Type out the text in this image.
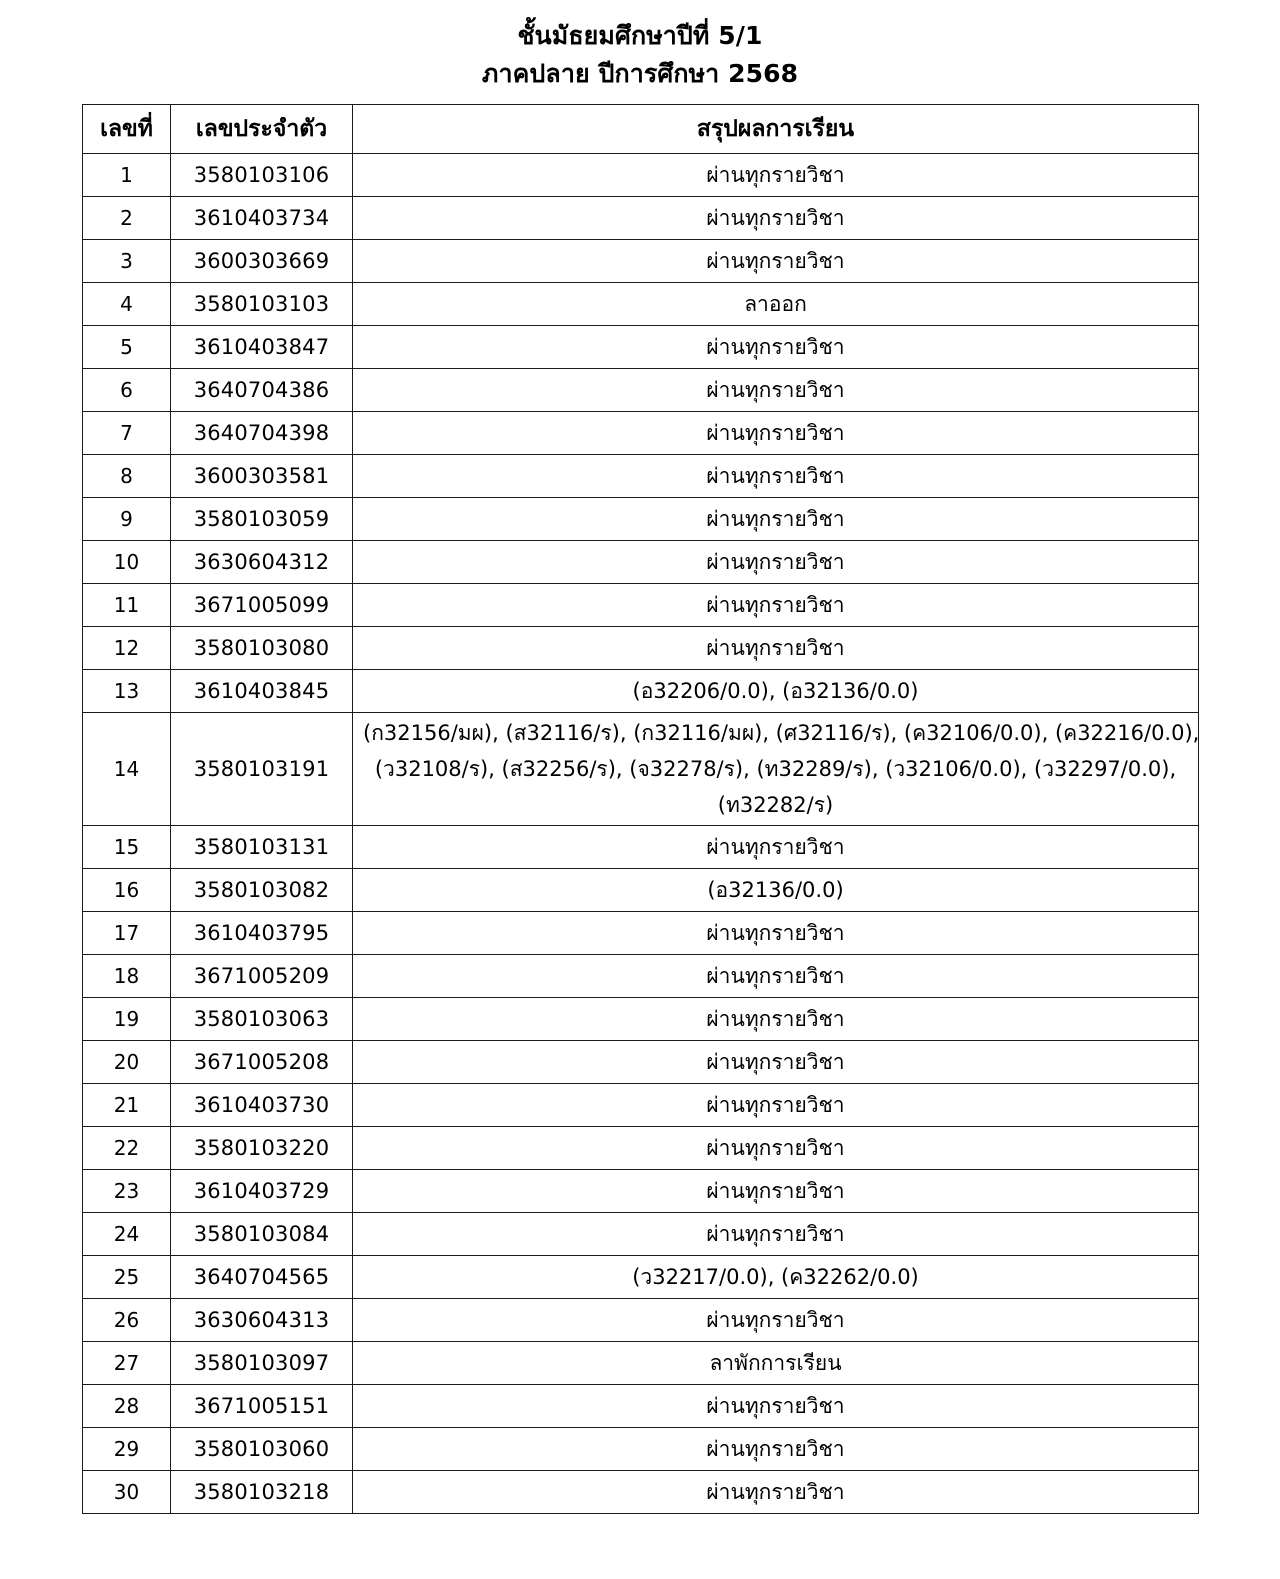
ชั้นมัธยมศึกษาปีที่ 5/1
ภาคปลาย ปีการศึกษา 2568
เลขที่	เลขประจำตัว	สรุปผลการเรียน
1	3580103106	ผ่านทุกรายวิชา
2	3610403734	ผ่านทุกรายวิชา
3	3600303669	ผ่านทุกรายวิชา
4	3580103103	ลาออก
5	3610403847	ผ่านทุกรายวิชา
6	3640704386	ผ่านทุกรายวิชา
7	3640704398	ผ่านทุกรายวิชา
8	3600303581	ผ่านทุกรายวิชา
9	3580103059	ผ่านทุกรายวิชา
10	3630604312	ผ่านทุกรายวิชา
11	3671005099	ผ่านทุกรายวิชา
12	3580103080	ผ่านทุกรายวิชา
13	3610403845	(อ32206/0.0), (อ32136/0.0)
14	3580103191	(ก32156/มผ), (ส32116/ร), (ก32116/มผ), (ศ32116/ร), (ค32106/0.0), (ค32216/0.0),
(ว32108/ร), (ส32256/ร), (จ32278/ร), (ท32289/ร), (ว32106/0.0), (ว32297/0.0),
(ท32282/ร)

15	3580103131	ผ่านทุกรายวิชา
16	3580103082	(อ32136/0.0)
17	3610403795	ผ่านทุกรายวิชา
18	3671005209	ผ่านทุกรายวิชา
19	3580103063	ผ่านทุกรายวิชา
20	3671005208	ผ่านทุกรายวิชา
21	3610403730	ผ่านทุกรายวิชา
22	3580103220	ผ่านทุกรายวิชา
23	3610403729	ผ่านทุกรายวิชา
24	3580103084	ผ่านทุกรายวิชา
25	3640704565	(ว32217/0.0), (ค32262/0.0)
26	3630604313	ผ่านทุกรายวิชา
27	3580103097	ลาพักการเรียน
28	3671005151	ผ่านทุกรายวิชา
29	3580103060	ผ่านทุกรายวิชา
30	3580103218	ผ่านทุกรายวิชา
